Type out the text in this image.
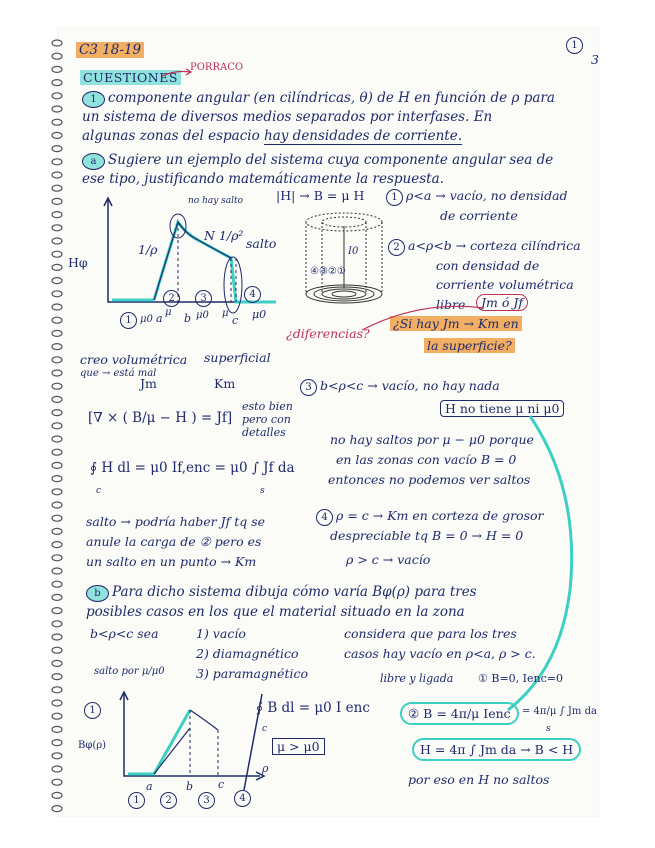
C3 18-19	1
3
CUESTIONES
PORRACO
1 componente angular (en cilíndricas, θ) de H en función de ρ para
un sistema de diversos medios separados por interfases. En
algunas zonas del espacio hay densidades de corriente.
a Sugiere un ejemplo del sistema cuya componente angular sea de
ese tipo, justificando matemáticamente la respuesta.
Hφ
no hay salto
1/ρ
N 1/ρ²
salto
1
2	3	4
μ0 a μ b μ0 μ
c μ0
|H| → B = μ H	1 ρ<a → vacío, no densidad
de corriente
I0
④③②①
2 a<ρ<b → corteza cilíndrica
con densidad de
corriente volumétrica
libre	Jm ó Jf
¿diferencias?
¿Si hay Jm → Km en
la superficie?
creo volumétrica
que → está mal
superficial
Jm	Km	3 b<ρ<c → vacío, no hay nada
[∇ × ( B/μ − H ) = Jf]
esto bien pero con detalles
H no tiene μ ni μ0
no hay saltos por μ − μ0 porque
en las zonas con vacío B = 0
entonces no podemos ver saltos
∮ H dl = μ0 If,enc = μ0 ∫ Jf da
c	s
salto → podría haber Jf tq se
anule la carga de ② pero es
un salto en un punto → Km
4 ρ = c → Km en corteza de grosor
despreciable tq B = 0 → H = 0
ρ > c → vacío
b Para dicho sistema dibuja cómo varía Bφ(ρ) para tres
posibles casos en los que el material situado en la zona
b<ρ<c sea	1) vacío
2) diamagnético
3) paramagnético
salto por μ/μ0
considera que para los tres
casos hay vacío en ρ<a, ρ > c.
libre y ligada ① B=0, Ienc=0
Bφ(ρ)
ρ
1
1
a
2
b
3
c
4
∮ B dl = μ0 I enc
c
μ > μ0
② B = 4π/μ Ienc	= 4π/μ ∫ Jm da
s
H = 4π ∫ Jm da → B < H
por eso en H no saltos
